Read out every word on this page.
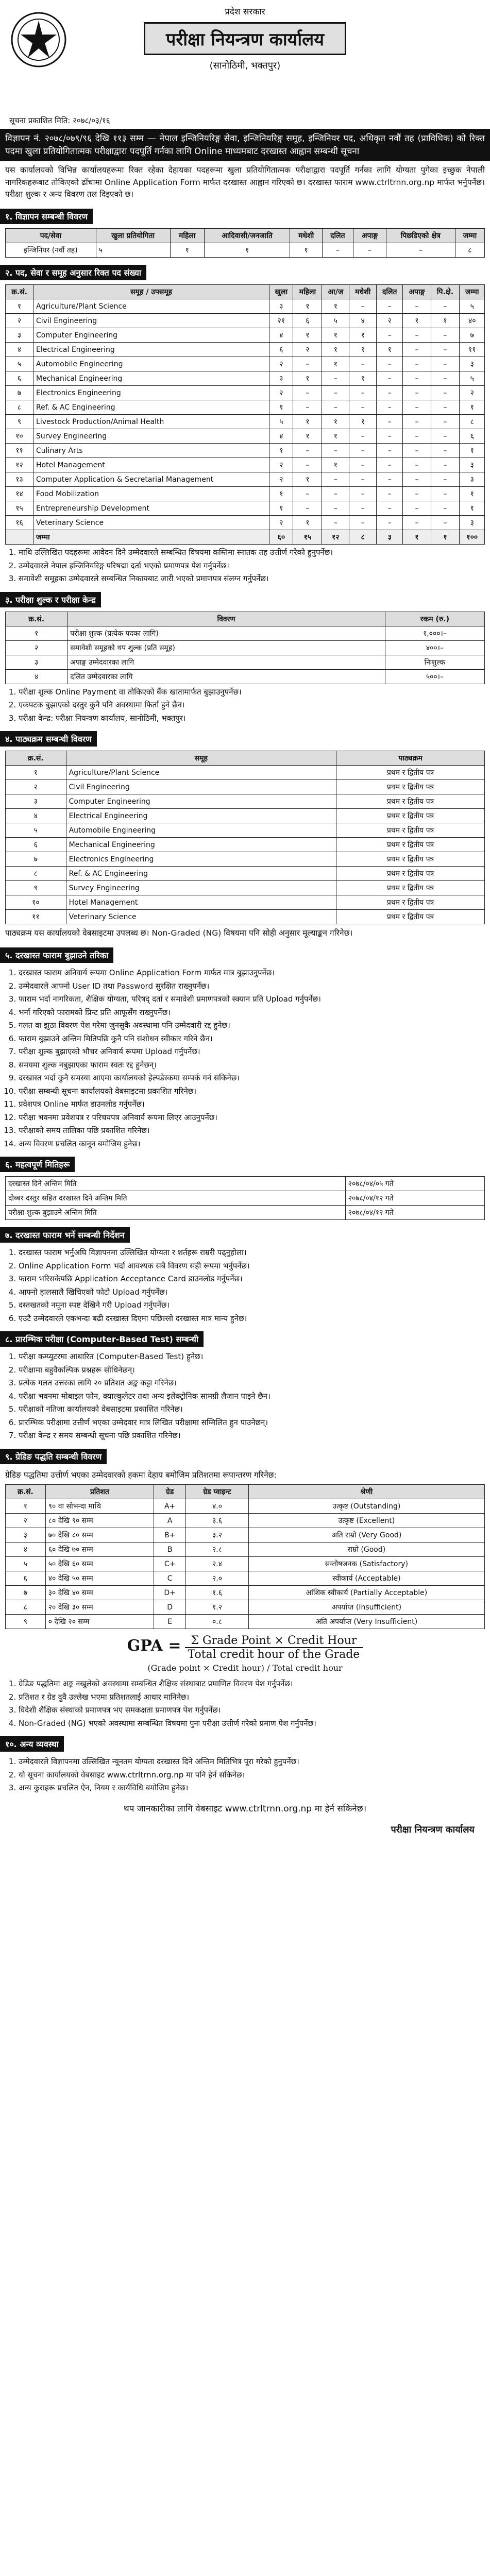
प्रदेश सरकार
परीक्षा नियन्त्रण कार्यालय
(सानोठिमी, भक्तपुर)
सूचना प्रकाशित मिति: २०७८/०३/१६
विज्ञापन नं. २०७८/०७९/९६ देखि ११३ सम्म — नेपाल इन्जिनियरिङ्ग सेवा, इन्जिनियरिङ्ग समूह, इन्जिनियर पद, अधिकृत नवौं तह (प्राविधिक) को रिक्त पदमा खुला प्रतियोगितात्मक परीक्षाद्वारा पदपूर्ति गर्नका लागि Online माध्यमबाट दरखास्त आह्वान सम्बन्धी सूचना

यस कार्यालयको विभिन्न कार्यालयहरूमा रिक्त रहेका देहायका पदहरूमा खुला प्रतियोगितात्मक परीक्षाद्वारा पदपूर्ति गर्नका लागि योग्यता पुगेका इच्छुक नेपाली नागरिकहरूबाट तोकिएको ढाँचामा Online Application Form मार्फत दरखास्त आह्वान गरिएको छ। दरखास्त फाराम www.ctrltrnn.org.np मार्फत भर्नुपर्नेछ। परीक्षा शुल्क र अन्य विवरण तल दिइएको छ।

१. विज्ञापन सम्बन्धी विवरण
पद/सेवा	खुला प्रतियोगिता	महिला	आदिवासी/जनजाति	मधेशी	दलित	अपाङ्ग	पिछडिएको क्षेत्र	जम्मा
इन्जिनियर (नवौं तह)	५	१	१	१	–	–	–	८
२. पद, सेवा र समूह अनुसार रिक्त पद संख्या
क्र.सं.	समूह / उपसमूह	खुला	महिला	आ/ज	मधेशी	दलित	अपाङ्ग	पि.क्षे.	जम्मा
१	Agriculture/Plant Science	३	१	१	–	–	–	–	५
२	Civil Engineering	२१	६	५	४	२	१	१	४०
३	Computer Engineering	४	१	१	१	–	–	–	७
४	Electrical Engineering	६	२	१	१	१	–	–	११
५	Automobile Engineering	२	–	१	–	–	–	–	३
६	Mechanical Engineering	३	१	–	१	–	–	–	५
७	Electronics Engineering	२	–	–	–	–	–	–	२
८	Ref. & AC Engineering	१	–	–	–	–	–	–	१
९	Livestock Production/Animal Health	५	१	१	१	–	–	–	८
१०	Survey Engineering	४	१	१	–	–	–	–	६
११	Culinary Arts	१	–	–	–	–	–	–	१
१२	Hotel Management	२	–	१	–	–	–	–	३
१३	Computer Application & Secretarial Management	२	१	–	–	–	–	–	३
१४	Food Mobilization	१	–	–	–	–	–	–	१
१५	Entrepreneurship Development	१	–	–	–	–	–	–	१
१६	Veterinary Science	२	१	–	–	–	–	–	३
	जम्मा	६०	१५	१२	८	३	१	१	१००
1. माथि उल्लिखित पदहरूमा आवेदन दिने उम्मेदवारले सम्बन्धित विषयमा कम्तिमा स्नातक तह उत्तीर्ण गरेको हुनुपर्नेछ।
2. उम्मेदवारले नेपाल इन्जिनियरिङ्ग परिषद्मा दर्ता भएको प्रमाणपत्र पेश गर्नुपर्नेछ।
3. समावेशी समूहका उम्मेदवारले सम्बन्धित निकायबाट जारी भएको प्रमाणपत्र संलग्न गर्नुपर्नेछ।
३. परीक्षा शुल्क र परीक्षा केन्द्र
क्र.सं.	विवरण	रकम (रु.)
१	परीक्षा शुल्क (प्रत्येक पदका लागि)	१,०००।–
२	समावेशी समूहको थप शुल्क (प्रति समूह)	४००।–
३	अपाङ्ग उम्मेदवारका लागि	निःशुल्क
४	दलित उम्मेदवारका लागि	५००।–
1. परीक्षा शुल्क Online Payment वा तोकिएको बैंक खातामार्फत बुझाउनुपर्नेछ।
2. एकपटक बुझाएको दस्तुर कुनै पनि अवस्थामा फिर्ता हुने छैन।
3. परीक्षा केन्द्र: परीक्षा नियन्त्रण कार्यालय, सानोठिमी, भक्तपुर।
४. पाठ्यक्रम सम्बन्धी विवरण
क्र.सं.	समूह	पाठ्यक्रम
१	Agriculture/Plant Science	प्रथम र द्वितीय पत्र
२	Civil Engineering	प्रथम र द्वितीय पत्र
३	Computer Engineering	प्रथम र द्वितीय पत्र
४	Electrical Engineering	प्रथम र द्वितीय पत्र
५	Automobile Engineering	प्रथम र द्वितीय पत्र
६	Mechanical Engineering	प्रथम र द्वितीय पत्र
७	Electronics Engineering	प्रथम र द्वितीय पत्र
८	Ref. & AC Engineering	प्रथम र द्वितीय पत्र
९	Survey Engineering	प्रथम र द्वितीय पत्र
१०	Hotel Management	प्रथम र द्वितीय पत्र
११	Veterinary Science	प्रथम र द्वितीय पत्र

पाठ्यक्रम यस कार्यालयको वेबसाइटमा उपलब्ध छ। Non-Graded (NG) विषयमा पनि सोही अनुसार मूल्याङ्कन गरिनेछ।

५. दरखास्त फाराम बुझाउने तरिका
1. दरखास्त फाराम अनिवार्य रूपमा Online Application Form मार्फत मात्र बुझाउनुपर्नेछ।
2. उम्मेदवारले आफ्नो User ID तथा Password सुरक्षित राख्नुपर्नेछ।
3. फाराम भर्दा नागरिकता, शैक्षिक योग्यता, परिषद् दर्ता र समावेशी प्रमाणपत्रको स्क्यान प्रति Upload गर्नुपर्नेछ।
4. भर्ना गरिएको फारामको प्रिन्ट प्रति आफूसँग राख्नुपर्नेछ।
5. गलत वा झुठा विवरण पेश गरेमा जुनसुकै अवस्थामा पनि उम्मेदवारी रद्द हुनेछ।
6. फाराम बुझाउने अन्तिम मितिपछि कुनै पनि संशोधन स्वीकार गरिने छैन।
7. परीक्षा शुल्क बुझाएको भौचर अनिवार्य रूपमा Upload गर्नुपर्नेछ।
8. समयमा शुल्क नबुझाएका फाराम स्वतः रद्द हुनेछन्।
9. दरखास्त भर्दा कुनै समस्या आएमा कार्यालयको हेल्पडेस्कमा सम्पर्क गर्न सकिनेछ।
10. परीक्षा सम्बन्धी सूचना कार्यालयको वेबसाइटमा प्रकाशित गरिनेछ।
11. प्रवेशपत्र Online मार्फत डाउनलोड गर्नुपर्नेछ।
12. परीक्षा भवनमा प्रवेशपत्र र परिचयपत्र अनिवार्य रूपमा लिएर आउनुपर्नेछ।
13. परीक्षाको समय तालिका पछि प्रकाशित गरिनेछ।
14. अन्य विवरण प्रचलित कानून बमोजिम हुनेछ।
६. महत्वपूर्ण मितिहरू
दरखास्त दिने अन्तिम मिति	२०७८/०४/०५ गते
दोब्बर दस्तुर सहित दरखास्त दिने अन्तिम मिति	२०७८/०४/१२ गते
परीक्षा शुल्क बुझाउने अन्तिम मिति	२०७८/०४/१२ गते
७. दरखास्त फाराम भर्ने सम्बन्धी निर्देशन
1. दरखास्त फाराम भर्नुअघि विज्ञापनमा उल्लिखित योग्यता र शर्तहरू राम्ररी पढ्नुहोला।
2. Online Application Form भर्दा आवश्यक सबै विवरण सही रूपमा भर्नुपर्नेछ।
3. फाराम भरिसकेपछि Application Acceptance Card डाउनलोड गर्नुपर्नेछ।
4. आफ्नो हालसालै खिचिएको फोटो Upload गर्नुपर्नेछ।
5. दस्तखतको नमूना स्पष्ट देखिने गरी Upload गर्नुपर्नेछ।
6. एउटै उम्मेदवारले एकभन्दा बढी दरखास्त दिएमा पछिल्लो दरखास्त मात्र मान्य हुनेछ।
८. प्रारम्भिक परीक्षा (Computer-Based Test) सम्बन्धी
1. परीक्षा कम्प्युटरमा आधारित (Computer-Based Test) हुनेछ।
2. परीक्षामा बहुवैकल्पिक प्रश्नहरू सोधिनेछन्।
3. प्रत्येक गलत उत्तरका लागि २० प्रतिशत अङ्क कट्टा गरिनेछ।
4. परीक्षा भवनमा मोबाइल फोन, क्याल्कुलेटर तथा अन्य इलेक्ट्रोनिक सामग्री लैजान पाइने छैन।
5. परीक्षाको नतिजा कार्यालयको वेबसाइटमा प्रकाशित गरिनेछ।
6. प्रारम्भिक परीक्षामा उत्तीर्ण भएका उम्मेदवार मात्र लिखित परीक्षामा सम्मिलित हुन पाउनेछन्।
7. परीक्षा केन्द्र र समय सम्बन्धी सूचना पछि प्रकाशित गरिनेछ।
९. ग्रेडिङ पद्धति सम्बन्धी विवरण

ग्रेडिङ पद्धतिमा उत्तीर्ण भएका उम्मेदवारको हकमा देहाय बमोजिम प्रतिशतमा रूपान्तरण गरिनेछ:

क्र.सं.	प्रतिशत	ग्रेड	ग्रेड प्वाइन्ट	श्रेणी
१	९० वा सोभन्दा माथि	A+	४.०	उत्कृष्ट (Outstanding)
२	८० देखि ९० सम्म	A	३.६	उत्कृष्ट (Excellent)
३	७० देखि ८० सम्म	B+	३.२	अति राम्रो (Very Good)
४	६० देखि ७० सम्म	B	२.८	राम्रो (Good)
५	५० देखि ६० सम्म	C+	२.४	सन्तोषजनक (Satisfactory)
६	४० देखि ५० सम्म	C	२.०	स्वीकार्य (Acceptable)
७	३० देखि ४० सम्म	D+	१.६	आंशिक स्वीकार्य (Partially Acceptable)
८	२० देखि ३० सम्म	D	१.२	अपर्याप्त (Insufficient)
९	० देखि २० सम्म	E	०.८	अति अपर्याप्त (Very Insufficient)
GPA = Σ Grade Point × Credit Hour
Total credit hour of the Grade
(Grade point × Credit hour) / Total credit hour
1. ग्रेडिङ पद्धतिमा अङ्क नखुलेको अवस्थामा सम्बन्धित शैक्षिक संस्थाबाट प्रमाणित विवरण पेश गर्नुपर्नेछ।
2. प्रतिशत र ग्रेड दुवै उल्लेख भएमा प्रतिशतलाई आधार मानिनेछ।
3. विदेशी शैक्षिक संस्थाको प्रमाणपत्र भए समकक्षता प्रमाणपत्र पेश गर्नुपर्नेछ।
4. Non-Graded (NG) भएको अवस्थामा सम्बन्धित विषयमा पुनः परीक्षा उत्तीर्ण गरेको प्रमाण पेश गर्नुपर्नेछ।
१०. अन्य व्यवस्था
1. उम्मेदवारले विज्ञापनमा उल्लिखित न्यूनतम योग्यता दरखास्त दिने अन्तिम मितिभित्र पूरा गरेको हुनुपर्नेछ।
2. यो सूचना कार्यालयको वेबसाइट www.ctrltrnn.org.np मा पनि हेर्न सकिनेछ।
3. अन्य कुराहरू प्रचलित ऐन, नियम र कार्यविधि बमोजिम हुनेछ।
थप जानकारीका लागि वेबसाइट www.ctrltrnn.org.np मा हेर्न सकिनेछ।
परीक्षा नियन्त्रण कार्यालय
